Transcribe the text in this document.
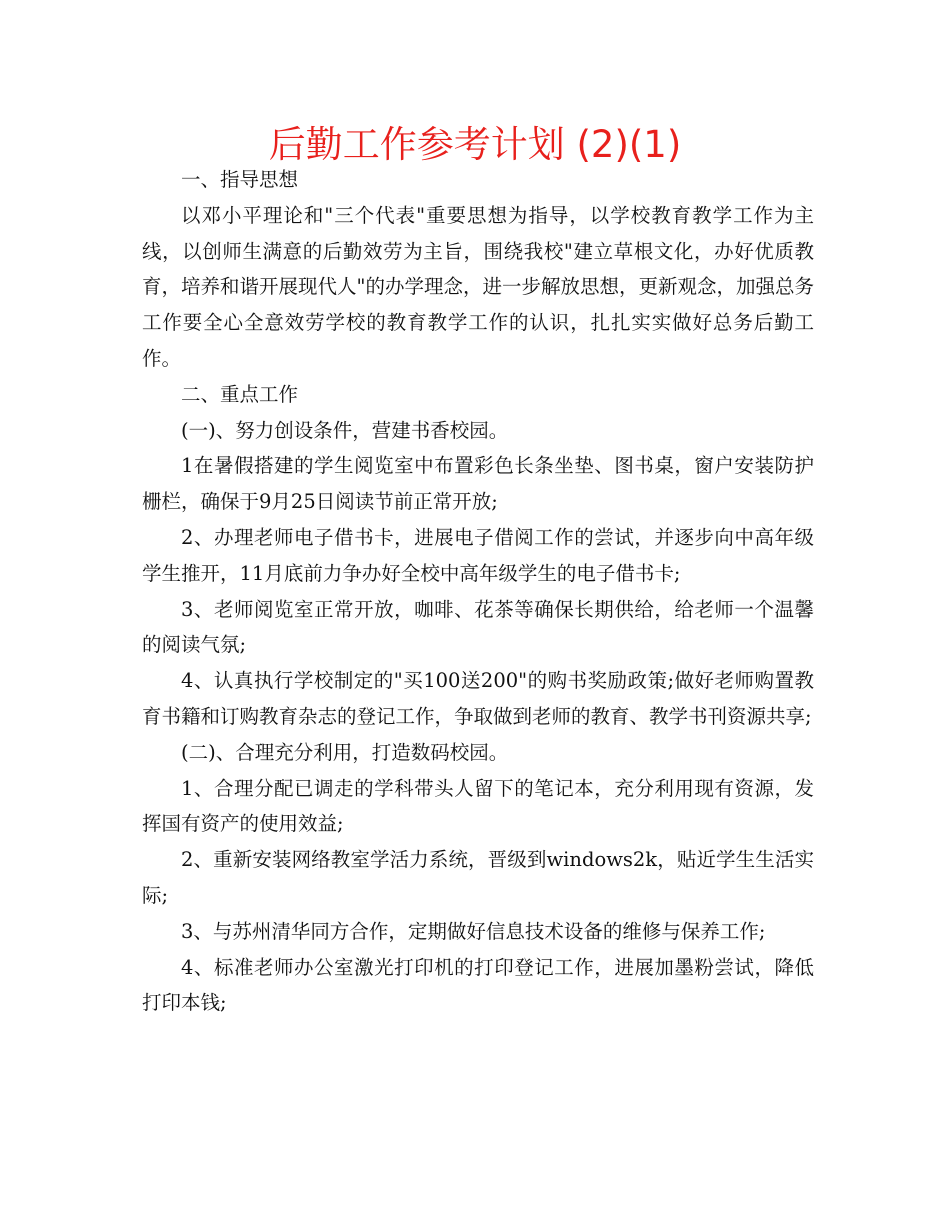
后勤工作参考计划 (2)(1)

一、指导思想

以邓小平理论和"三个代表"重要思想为指导，以学校教育教学工作为主线，以创师生满意的后勤效劳为主旨，围绕我校"建立草根文化，办好优质教育，培养和谐开展现代人"的办学理念，进一步解放思想，更新观念，加强总务工作要全心全意效劳学校的教育教学工作的认识，扎扎实实做好总务后勤工作。

二、重点工作

(一)、努力创设条件，营建书香校园。

1在暑假搭建的学生阅览室中布置彩色长条坐垫、图书桌，窗户安装防护栅栏，确保于9月25日阅读节前正常开放;

2、办理老师电子借书卡，进展电子借阅工作的尝试，并逐步向中高年级学生推开，11月底前力争办好全校中高年级学生的电子借书卡;

3、老师阅览室正常开放，咖啡、花茶等确保长期供给，给老师一个温馨的阅读气氛;

4、认真执行学校制定的"买100送200"的购书奖励政策;做好老师购置教育书籍和订购教育杂志的登记工作，争取做到老师的教育、教学书刊资源共享;

(二)、合理充分利用，打造数码校园。

1、合理分配已调走的学科带头人留下的笔记本，充分利用现有资源，发挥国有资产的使用效益;

2、重新安装网络教室学活力系统，晋级到windows2k，贴近学生生活实际;

3、与苏州清华同方合作，定期做好信息技术设备的维修与保养工作;

4、标准老师办公室激光打印机的打印登记工作，进展加墨粉尝试，降低打印本钱;
